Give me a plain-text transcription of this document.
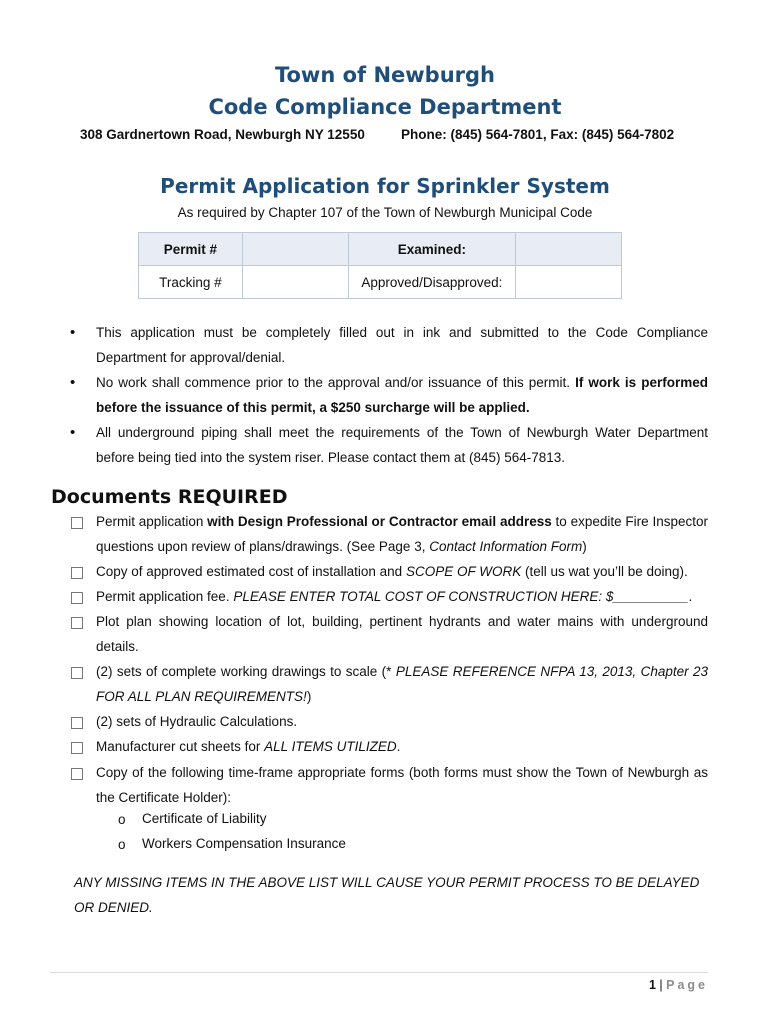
Town of Newburgh
Code Compliance Department
308 Gardnertown Road, Newburgh NY 12550	Phone: (845) 564-7801, Fax: (845) 564-7802
Permit Application for Sprinkler System
As required by Chapter 107 of the Town of Newburgh Municipal Code
Permit #		Examined:	
Tracking #		Approved/Disapproved:	
• This application must be completely filled out in ink and submitted to the Code Compliance Department for approval/denial.
• No work shall commence prior to the approval and/or issuance of this permit. If work is performed before the issuance of this permit, a $250 surcharge will be applied.
• All underground piping shall meet the requirements of the Town of Newburgh Water Department before being tied into the system riser. Please contact them at (845) 564-7813.
Documents REQUIRED
Permit application with Design Professional or Contractor email address to expedite Fire Inspector questions upon review of plans/drawings. (See Page 3, Contact Information Form)
Copy of approved estimated cost of installation and SCOPE OF WORK (tell us wat you’ll be doing).
Permit application fee. PLEASE ENTER TOTAL COST OF CONSTRUCTION HERE: $__________.
Plot plan showing location of lot, building, pertinent hydrants and water mains with underground details.
(2) sets of complete working drawings to scale (* PLEASE REFERENCE NFPA 13, 2013, Chapter 23 FOR ALL PLAN REQUIREMENTS!)
(2) sets of Hydraulic Calculations.
Manufacturer cut sheets for ALL ITEMS UTILIZED.
Copy of the following time-frame appropriate forms (both forms must show the Town of Newburgh as the Certificate Holder):
o Certificate of Liability
o Workers Compensation Insurance
ANY MISSING ITEMS IN THE ABOVE LIST WILL CAUSE YOUR PERMIT PROCESS TO BE DELAYED OR DENIED.
1 | Page
